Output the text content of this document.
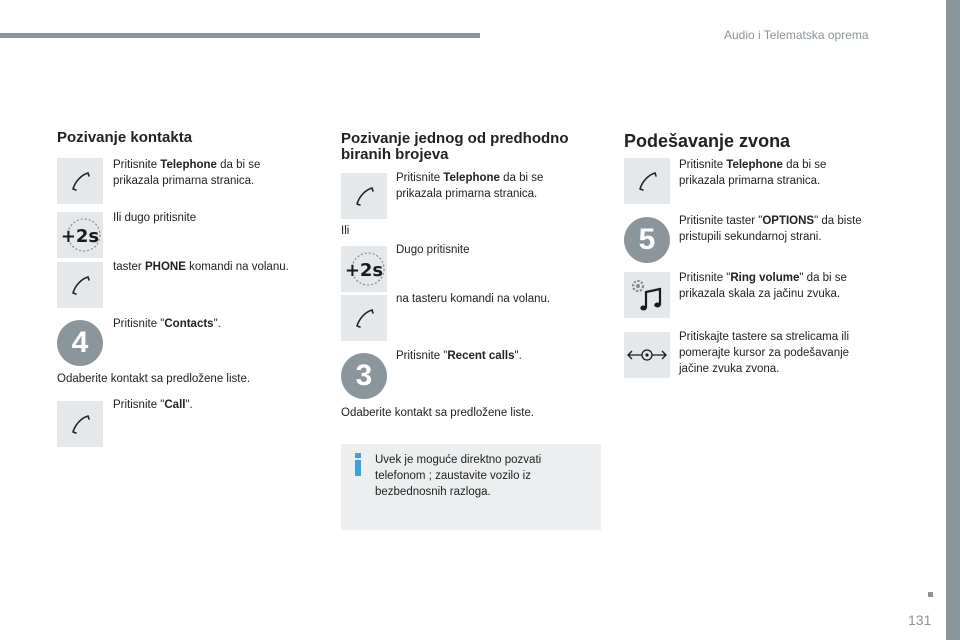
Audio i Telematska oprema
Pozivanje kontakta
Pritisnite Telephone da bi se prikazala primarna stranica.
+2s
Ili dugo pritisnite
taster PHONE komandi na volanu.
4
Pritisnite "Contacts".
Odaberite kontakt sa predložene liste.
Pritisnite "Call".
Pozivanje jednog od predhodno
biranih brojeva
Pritisnite Telephone da bi se prikazala primarna stranica.
Ili
+2s
Dugo pritisnite
na tasteru komandi na volanu.
3
Pritisnite "Recent calls".
Odaberite kontakt sa predložene liste.
Uvek je moguće direktno pozvati telefonom ; zaustavite vozilo iz bezbednosnih razloga.
Podešavanje zvona
Pritisnite Telephone da bi se prikazala primarna stranica.
5
Pritisnite taster "OPTIONS" da biste pristupili sekundarnoj strani.
Pritisnite "Ring volume" da bi se prikazala skala za jačinu zvuka.
Pritiskajte tastere sa strelicama ili pomerajte kursor za podešavanje jačine zvuka zvona.
131
